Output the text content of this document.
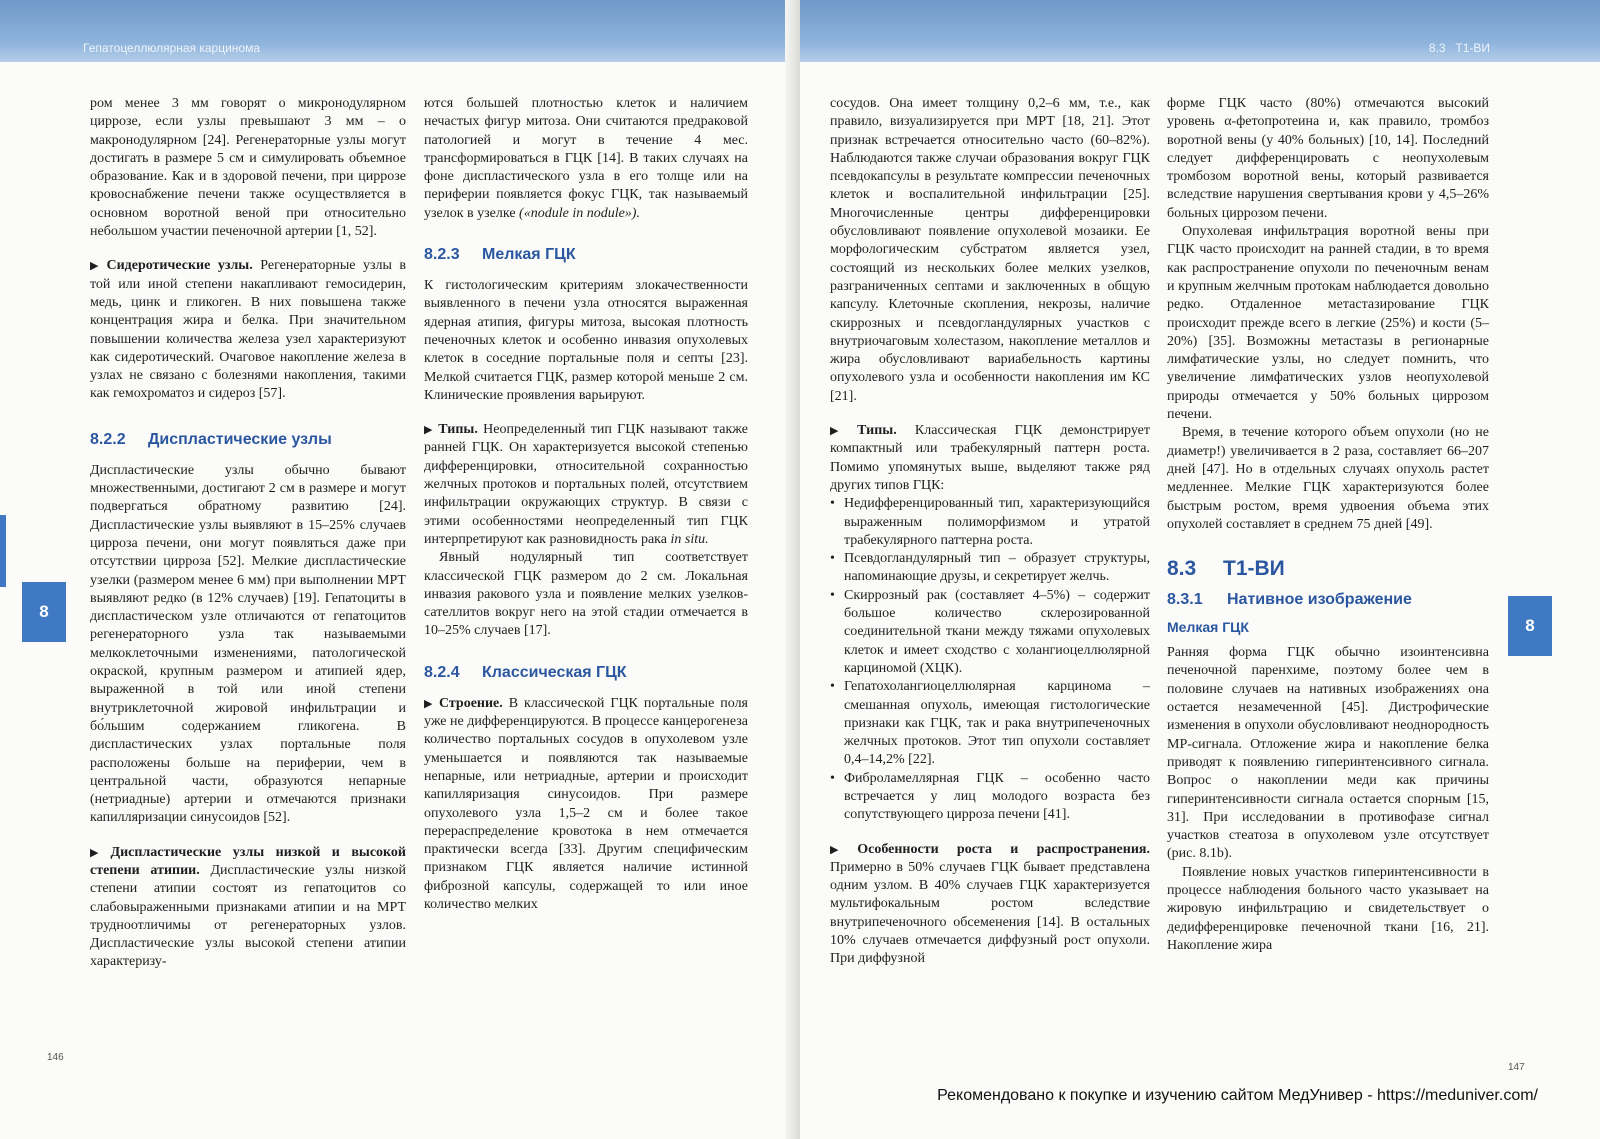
Гепатоцеллюлярная карцинома

ром менее 3 мм говорят о микронодулярном циррозе, если узлы превышают 3 мм – о макронодулярном [24]. Регенераторные узлы могут достигать в размере 5 см и симулировать объемное образование. Как и в здоровой печени, при циррозе кровоснабжение печени также осуществляется в основном воротной веной при относительно небольшом участии печеночной артерии [1, 52].

▶ Сидеротические узлы. Регенераторные узлы в той или иной степени накапливают гемосидерин, медь, цинк и гликоген. В них повышена также концентрация жира и белка. При значительном повышении количества железа узел характеризуют как сидеротический. Очаговое накопление железа в узлах не связано с болезнями накопления, такими как гемохроматоз и сидероз [57].

8.2.2 Диспластические узлы

Диспластические узлы обычно бывают множественными, достигают 2 см в размере и могут подвергаться обратному развитию [24]. Диспластические узлы выявляют в 15–25% случаев цирроза печени, они могут появляться даже при отсутствии цирроза [52]. Мелкие диспластические узелки (размером менее 6 мм) при выполнении МРТ выявляют редко (в 12% случаев) [19]. Гепатоциты в диспластическом узле отличаются от гепатоцитов регенераторного узла так называемыми мелкоклеточными изменениями, патологической окраской, крупным размером и атипией ядер, выраженной в той или иной степени внутриклеточной жировой инфильтрации и бо́льшим содержанием гликогена. В диспластических узлах портальные поля расположены больше на периферии, чем в центральной части, образуются непарные (нетриадные) артерии и отмечаются признаки капилляризации синусоидов [52].

▶ Диспластические узлы низкой и высокой степени атипии. Диспластические узлы низкой степени атипии состоят из гепатоцитов со слабовыраженными признаками атипии и на МРТ трудноотличимы от регенераторных узлов. Диспластические узлы высокой степени атипии характеризу-

ются большей плотностью клеток и наличием нечастых фигур митоза. Они считаются предраковой патологией и могут в течение 4 мес. трансформироваться в ГЦК [14]. В таких случаях на фоне диспластического узла в его толще или на периферии появляется фокус ГЦК, так называемый узелок в узелке («nodule in nodule»).

8.2.3 Мелкая ГЦК

К гистологическим критериям злокачественности выявленного в печени узла относятся выраженная ядерная атипия, фигуры митоза, высокая плотность печеночных клеток и особенно инвазия опухолевых клеток в соседние портальные поля и септы [23]. Мелкой считается ГЦК, размер которой меньше 2 см. Клинические проявления варьируют.

▶ Типы. Неопределенный тип ГЦК называют также ранней ГЦК. Он характеризуется высокой степенью дифференцировки, относительной сохранностью желчных протоков и портальных полей, отсутствием инфильтрации окружающих структур. В связи с этими особенностями неопределенный тип ГЦК интерпретируют как разновидность рака in situ.

Явный нодулярный тип соответствует классической ГЦК размером до 2 см. Локальная инвазия ракового узла и появление мелких узелков-сателлитов вокруг него на этой стадии отмечается в 10–25% случаев [17].

8.2.4 Классическая ГЦК

▶ Строение. В классической ГЦК портальные поля уже не дифференцируются. В процессе канцерогенеза количество портальных сосудов в опухолевом узле уменьшается и появляются так называемые непарные, или нетриадные, артерии и происходит капилляризация синусоидов. При размере опухолевого узла 1,5–2 см и более такое перераспределение кровотока в нем отмечается практически всегда [33]. Другим специфическим признаком ГЦК является наличие истинной фиброзной капсулы, содержащей то или иное количество мелких

8
146
8.3   T1-ВИ

сосудов. Она имеет толщину 0,2–6 мм, т.е., как правило, визуализируется при МРТ [18, 21]. Этот признак встречается относительно часто (60–82%). Наблюдаются также случаи образования вокруг ГЦК псевдокапсулы в результате компрессии печеночных клеток и воспалительной инфильтрации [25]. Многочисленные центры дифференцировки обусловливают появление опухолевой мозаики. Ее морфологическим субстратом является узел, состоящий из нескольких более мелких узелков, разграниченных септами и заключенных в общую капсулу. Клеточные скопления, некрозы, наличие скиррозных и псевдогландулярных участков с внутриочаговым холестазом, накопление металлов и жира обусловливают вариабельность картины опухолевого узла и особенности накопления им КС [21].

▶ Типы. Классическая ГЦК демонстрирует компактный или трабекулярный паттерн роста. Помимо упомянутых выше, выделяют также ряд других типов ГЦК:

• Недифференцированный тип, характеризующийся выраженным полиморфизмом и утратой трабекулярного паттерна роста.
• Псевдогландулярный тип – образует структуры, напоминающие друзы, и секретирует желчь.
• Скиррозный рак (составляет 4–5%) – содержит большое количество склерозированной соединительной ткани между тяжами опухолевых клеток и имеет сходство с холангиоцеллюлярной карциномой (ХЦК).
• Гепатохолангиоцеллюлярная карцинома – смешанная опухоль, имеющая гистологические признаки как ГЦК, так и рака внутрипеченочных желчных протоков. Этот тип опухоли составляет 0,4–14,2% [22].
• Фиброламеллярная ГЦК – особенно часто встречается у лиц молодого возраста без сопутствующего цирроза печени [41].

▶ Особенности роста и распространения. Примерно в 50% случаев ГЦК бывает представлена одним узлом. В 40% случаев ГЦК характеризуется мультифокальным ростом вследствие внутрипеченочного обсеменения [14]. В остальных 10% случаев отмечается диффузный рост опухоли. При диффузной

форме ГЦК часто (80%) отмечаются высокий уровень α-фетопротеина и, как правило, тромбоз воротной вены (у 40% больных) [10, 14]. Последний следует дифференцировать с неопухолевым тромбозом воротной вены, который развивается вследствие нарушения свертывания крови у 4,5–26% больных циррозом печени.

Опухолевая инфильтрация воротной вены при ГЦК часто происходит на ранней стадии, в то время как распространение опухоли по печеночным венам и крупным желчным протокам наблюдается довольно редко. Отдаленное метастазирование ГЦК происходит прежде всего в легкие (25%) и кости (5–20%) [35]. Возможны метастазы в регионарные лимфатические узлы, но следует помнить, что увеличение лимфатических узлов неопухолевой природы отмечается у 50% больных циррозом печени.

Время, в течение которого объем опухоли (но не диаметр!) увеличивается в 2 раза, составляет 66–207 дней [47]. Но в отдельных случаях опухоль растет медленнее. Мелкие ГЦК характеризуются более быстрым ростом, время удвоения объема этих опухолей составляет в среднем 75 дней [49].

8.3 T1-ВИ
8.3.1 Нативное изображение
Мелкая ГЦК

Ранняя форма ГЦК обычно изоинтенсивна печеночной паренхиме, поэтому более чем в половине случаев на нативных изображениях она остается незамеченной [45]. Дистрофические изменения в опухоли обусловливают неоднородность МР-сигнала. Отложение жира и накопление белка приводят к появлению гиперинтенсивного сигнала. Вопрос о накоплении меди как причины гиперинтенсивности сигнала остается спорным [15, 31]. При исследовании в противофазе сигнал участков стеатоза в опухолевом узле отсутствует (рис. 8.1b).

Появление новых участков гиперинтенсивности в процессе наблюдения больного часто указывает на жировую инфильтрацию и свидетельствует о дедифференцировке печеночной ткани [16, 21]. Накопление жира

8
147
Рекомендовано к покупке и изучению сайтом МедУнивер - https://meduniver.com/
